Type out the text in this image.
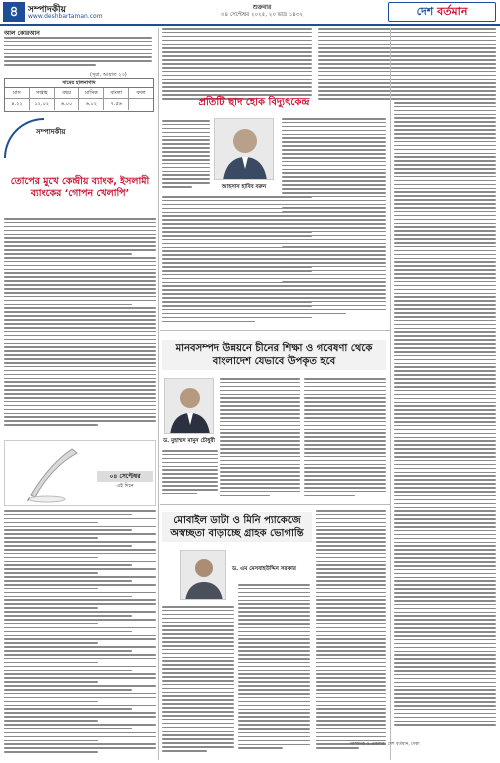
৪	সম্পাদকীয়
www.deshbartaman.com
শুক্রবার
০৪ সেপ্টেম্বর ২০২৫, ২০ ভাদ্র ১৪৩২	দেশ বর্তমান
আল কোরআন
(সূরা, আয়াত ২৩)
দামের হালনাগাদ
মাস	সপ্তাহ	বছর	মাসিক	বাংলা	বদল
৪.২২	১২.০২	৬.০০	৬.০২	৭.৫৬
সম্পাদকীয়
তোপের মুখে কেন্দ্রীয় ব্যাংক, ইসলামী ব্যাংকের ‘গোপন খেলাপি’
০৪ সেপ্টেম্বর
এই দিনে
প্রতিটি ছাদ হোক বিদ্যুৎকেন্দ্র
আহসান হাবিব বরুন
মানবসম্পদ উন্নয়নে চীনের শিক্ষা ও গবেষণা থেকে বাংলাদেশ যেভাবে উপকৃত হবে
ড. মুহাম্মদ মামুন চৌধুরী
মোবাইল ডাটা ও মিনি প্যাকেজে অস্বচ্ছতা বাড়াচ্ছে গ্রাহক ভোগান্তি
ড. এম মেসবাহউদ্দিন সরকার
সম্পাদক ও প্রকাশক: দেশ বর্তমান, ঢাকা
